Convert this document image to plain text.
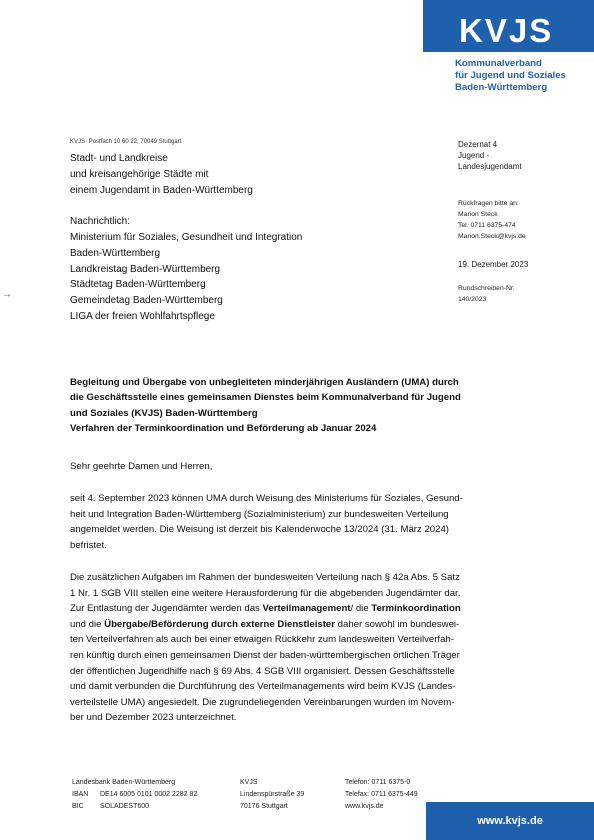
KVJS
Kommunalverband
für Jugend und Soziales
Baden-Württemberg
KVJS· Postfach 10 60 22, 70049 Stuttgart
Stadt- und Landkreise
und kreisangehörige Städte mit
einem Jugendamt in Baden-Württemberg
Nachrichtlich:
Ministerium für Soziales, Gesundheit und Integration
Baden-Württemberg
Landkreistag Baden-Württemberg
Städtetag Baden-Württemberg
Gemeindetag Baden-Württemberg
LIGA der freien Wohlfahrtspflege
→
Dezernat 4
Jugend -
Landesjugendamt
Rückfragen bitte an:
Marion Steck
Tel. 0711 6375-474
Marion.Steck@kvjs.de
19. Dezember 2023
Rundschreiben-Nr.
140/2023
Begleitung und Übergabe von unbegleiteten minderjährigen Ausländern (UMA) durch
die Geschäftsstelle eines gemeinsamen Dienstes beim Kommunalverband für Jugend
und Soziales (KVJS) Baden-Württemberg
Verfahren der Terminkoordination und Beförderung ab Januar 2024
Sehr geehrte Damen und Herren,
seit 4. September 2023 können UMA durch Weisung des Ministeriums für Soziales, Gesund-
heit und Integration Baden-Württemberg (Sozialministerium) zur bundesweiten Verteilung
angemeldet werden. Die Weisung ist derzeit bis Kalenderwoche 13/2024 (31. März 2024)
befristet.
Die zusätzlichen Aufgaben im Rahmen der bundesweiten Verteilung nach § 42a Abs. 5 Satz
1 Nr. 1 SGB VIII stellen eine weitere Herausforderung für die abgebenden Jugendämter dar.
Zur Entlastung der Jugendämter werden das Verteilmanagement/ die Terminkoordination
und die Übergabe/Beförderung durch externe Dienstleister daher sowohl im bundeswei-
ten Verteilverfahren als auch bei einer etwaigen Rückkehr zum landesweiten Verteilverfah-
ren künftig durch einen gemeinsamen Dienst der baden-württembergischen örtlichen Träger
der öffentlichen Jugendhilfe nach § 69 Abs. 4 SGB VIII organisiert. Dessen Geschäftsstelle
und damit verbunden die Durchführung des Verteilmanagements wird beim KVJS (Landes-
verteilstelle UMA) angesiedelt. Die zugrundeliegenden Vereinbarungen wurden im Novem-
ber und Dezember 2023 unterzeichnet.
Landesbank Baden-Württemberg
IBAN	DE14 6005 0101 0002 2282 82
BIC	SOLADEST600
KVJS
Lindenspürstraße 39
70176 Stuttgart
Telefon: 0711 6375-0
Telefax: 0711 6375-449
www.kvjs.de
www.kvjs.de
